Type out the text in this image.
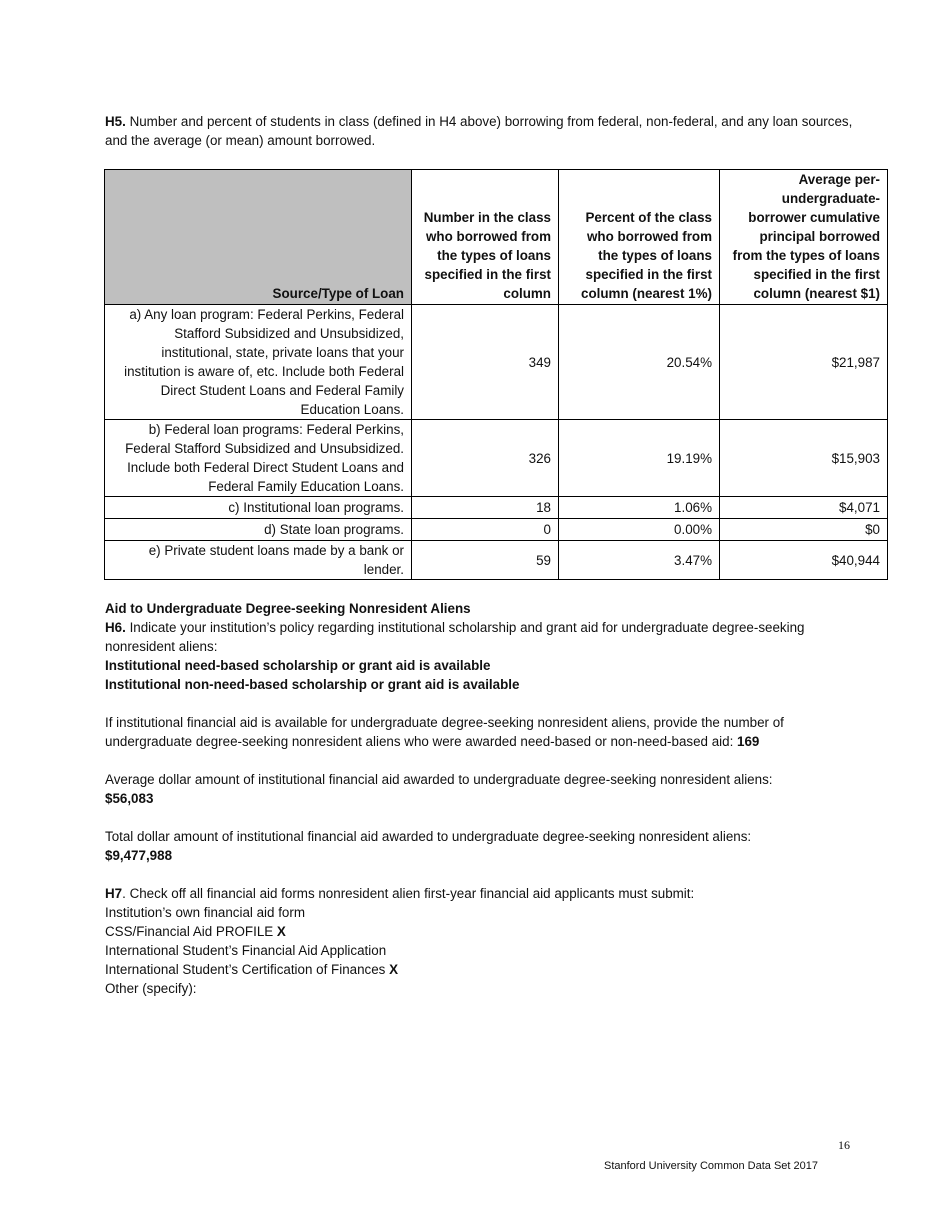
H5. Number and percent of students in class (defined in H4 above) borrowing from federal, non-federal, and any loan sources, and the average (or mean) amount borrowed.

Source/Type of Loan	Number in the class who borrowed from the types of loans specified in the first column	Percent of the class who borrowed from the types of loans specified in the first column (nearest 1%)	Average per-undergraduate-borrower cumulative principal borrowed from the types of loans specified in the first column (nearest $1)
a) Any loan program: Federal Perkins, Federal Stafford Subsidized and Unsubsidized, institutional, state, private loans that your institution is aware of, etc. Include both Federal Direct Student Loans and Federal Family Education Loans.	349	20.54%	$21,987
b) Federal loan programs: Federal Perkins, Federal Stafford Subsidized and Unsubsidized. Include both Federal Direct Student Loans and Federal Family Education Loans.	326	19.19%	$15,903
c) Institutional loan programs.	18	1.06%	$4,071
d) State loan programs.	0	0.00%	$0
e) Private student loans made by a bank or lender.	59	3.47%	$40,944
Aid to Undergraduate Degree-seeking Nonresident Aliens
H6. Indicate your institution’s policy regarding institutional scholarship and grant aid for undergraduate degree-seeking nonresident aliens:
Institutional need-based scholarship or grant aid is available
Institutional non-need-based scholarship or grant aid is available
If institutional financial aid is available for undergraduate degree-seeking nonresident aliens, provide the number of undergraduate degree-seeking nonresident aliens who were awarded need-based or non-need-based aid: 169
Average dollar amount of institutional financial aid awarded to undergraduate degree-seeking nonresident aliens:
$56,083
Total dollar amount of institutional financial aid awarded to undergraduate degree-seeking nonresident aliens:
$9,477,988
H7. Check off all financial aid forms nonresident alien first-year financial aid applicants must submit:
Institution’s own financial aid form
CSS/Financial Aid PROFILE X
International Student’s Financial Aid Application
International Student’s Certification of Finances X
Other (specify):
16
Stanford University Common Data Set 2017
